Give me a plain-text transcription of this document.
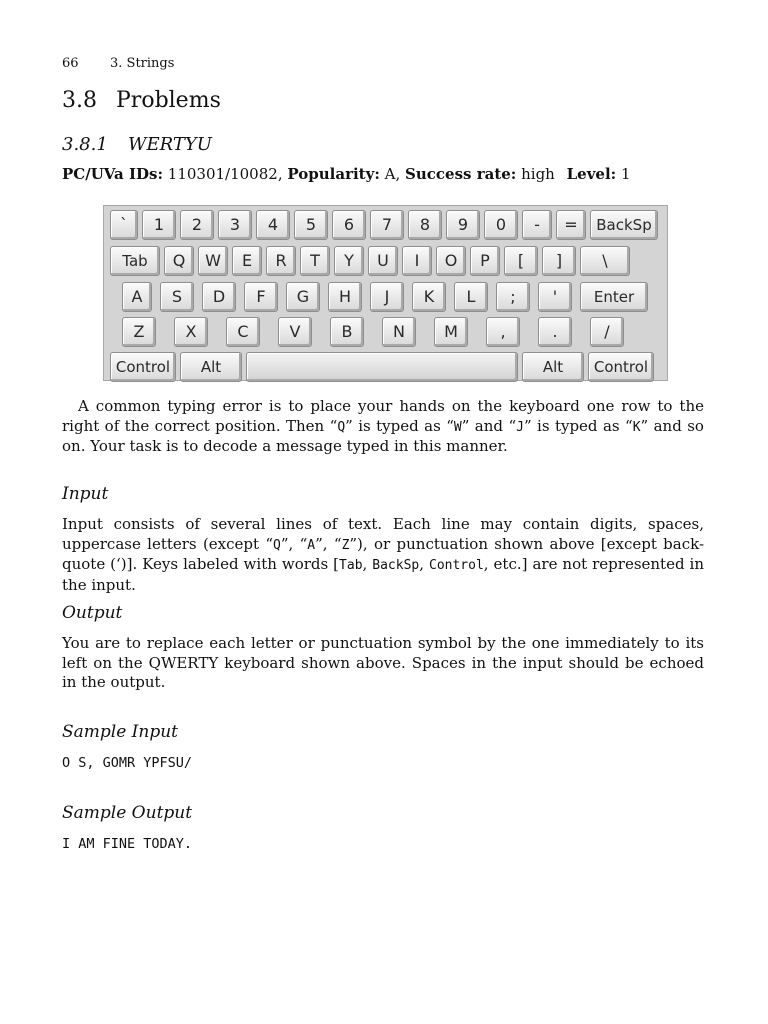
66 3. Strings
3.8 Problems
3.8.1 WERTYU
PC/UVa IDs: 110301/10082, Popularity: A, Success rate: high Level: 1
`	1	2	3	4	5	6	7	8	9	0	-	=	BackSp
Tab	Q	W	E	R	T	Y	U	I	O	P	[	]	\
A	S	D	F	G	H	J	K	L	;	'	Enter
Z	X	C	V	B	N	M	,	.	/
Control	Alt	Alt	Control

A common typing error is to place your hands on the keyboard one row to the right of the correct position. Then “Q” is typed as “W” and “J” is typed as “K” and so on. Your task is to decode a message typed in this manner.

Input

Input consists of several lines of text. Each line may contain digits, spaces, uppercase letters (except “Q”, “A”, “Z”), or punctuation shown above [except back-quote (‘)]. Keys labeled with words [Tab, BackSp, Control, etc.] are not represented in the input.

Output

You are to replace each letter or punctuation symbol by the one immediately to its left on the QWERTY keyboard shown above. Spaces in the input should be echoed in the output.

Sample Input
O S, GOMR YPFSU/
Sample Output
I AM FINE TODAY.
